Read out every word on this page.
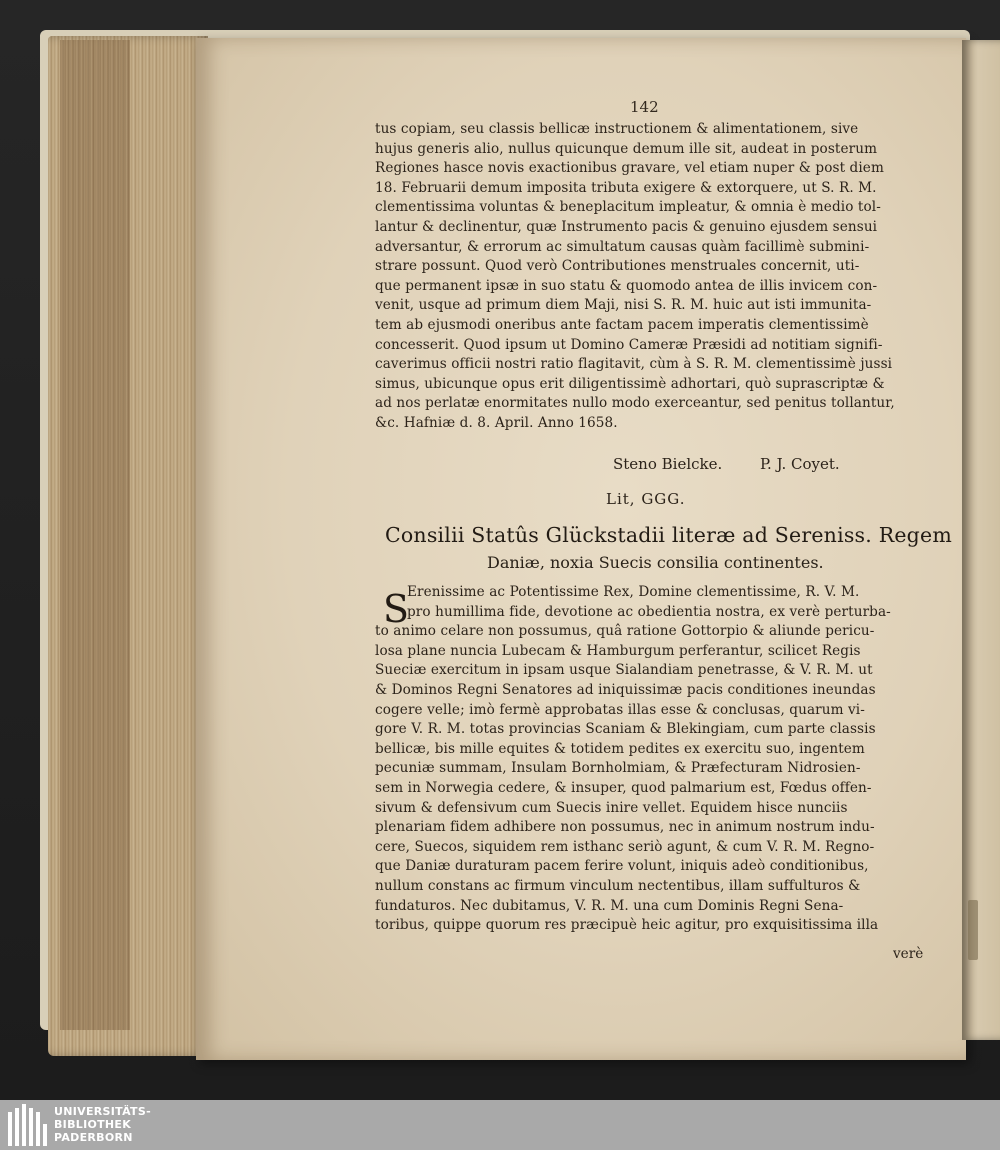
142
tus copiam, seu classis bellicæ instructionem & alimentationem, sive
hujus generis alio, nullus quicunque demum ille sit, audeat in posterum
Regiones hasce novis exactionibus gravare, vel etiam nuper & post diem
18. Februarii demum imposita tributa exigere & extorquere, ut S. R. M.
clementissima voluntas & beneplacitum impleatur, & omnia è medio tol-
lantur & declinentur, quæ Instrumento pacis & genuino ejusdem sensui
adversantur, & errorum ac simultatum causas quàm facillimè submini-
strare possunt. Quod verò Contributiones menstruales concernit, uti-
que permanent ipsæ in suo statu & quomodo antea de illis invicem con-
venit, usque ad primum diem Maji, nisi S. R. M. huic aut isti immunita-
tem ab ejusmodi oneribus ante factam pacem imperatis clementissimè
concesserit. Quod ipsum ut Domino Cameræ Præsidi ad notitiam signifi-
caverimus officii nostri ratio flagitavit, cùm à S. R. M. clementissimè jussi
simus, ubicunque opus erit diligentissimè adhortari, quò suprascriptæ &
ad nos perlatæ enormitates nullo modo exerceantur, sed penitus tollantur,
&c. Hafniæ d. 8. April. Anno 1658.
Steno Bielcke.	P. J. Coyet.
Lit, GGG.
Consilii Statûs Glückstadii literæ ad Sereniss. Regem
Daniæ, noxia Suecis consilia continentes.
S
Erenissime ac Potentissime Rex, Domine clementissime, R. V. M.
pro humillima fide, devotione ac obedientia nostra, ex verè perturba-
to animo celare non possumus, quâ ratione Gottorpio & aliunde pericu-
losa plane nuncia Lubecam & Hamburgum perferantur, scilicet Regis
Sueciæ exercitum in ipsam usque Sialandiam penetrasse, & V. R. M. ut
& Dominos Regni Senatores ad iniquissimæ pacis conditiones ineundas
cogere velle; imò fermè approbatas illas esse & conclusas, quarum vi-
gore V. R. M. totas provincias Scaniam & Blekingiam, cum parte classis
bellicæ, bis mille equites & totidem pedites ex exercitu suo, ingentem
pecuniæ summam, Insulam Bornholmiam, & Præfecturam Nidrosien-
sem in Norwegia cedere, & insuper, quod palmarium est, Fœdus offen-
sivum & defensivum cum Suecis inire vellet. Equidem hisce nunciis
plenariam fidem adhibere non possumus, nec in animum nostrum indu-
cere, Suecos, siquidem rem isthanc seriò agunt, & cum V. R. M. Regno-
que Daniæ duraturam pacem ferire volunt, iniquis adeò conditionibus,
nullum constans ac firmum vinculum nectentibus, illam suffulturos &
fundaturos. Nec dubitamus, V. R. M. una cum Dominis Regni Sena-
toribus, quippe quorum res præcipuè heic agitur, pro exquisitissima illa
verè
UNIVERSITÄTS-
BIBLIOTHEK
PADERBORN
